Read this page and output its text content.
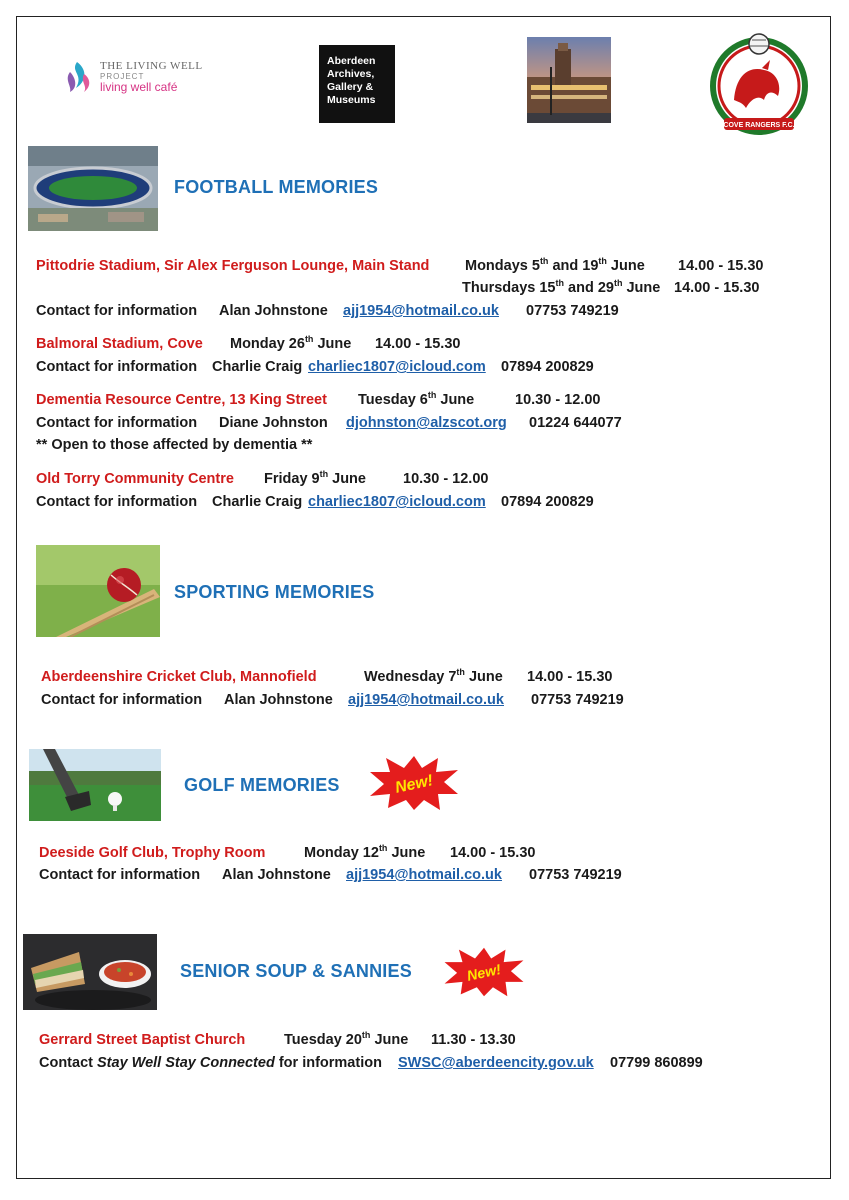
THE LIVING WELL
PROJECT
living well café
Aberdeen
Archives,
Gallery &
Museums
COVE RANGERS F.C.
FOOTBALL MEMORIES
Pittodrie Stadium, Sir Alex Ferguson Lounge, Main Stand Mondays 5th and 19th June 14.00 - 15.30
Thursdays 15th and 29th June 14.00 - 15.30
Contact for information Alan Johnstone ajj1954@hotmail.co.uk 07753 749219
Balmoral Stadium, Cove Monday 26th June 14.00 - 15.30
Contact for information Charlie Craig charliec1807@icloud.com 07894 200829
Dementia Resource Centre, 13 King Street Tuesday 6th June	10.30 - 12.00
Contact for information Diane Johnston djohnston@alzscot.org 01224 644077
** Open to those affected by dementia **
Old Torry Community Centre Friday 9th June	10.30 - 12.00
Contact for information Charlie Craig charliec1807@icloud.com 07894 200829
SPORTING MEMORIES
Aberdeenshire Cricket Club, Mannofield	Wednesday 7th June 14.00 - 15.30
Contact for information Alan Johnstone ajj1954@hotmail.co.uk 07753 749219
GOLF MEMORIES	New!
Deeside Golf Club, Trophy Room	Monday 12th June 14.00 - 15.30
Contact for information Alan Johnstone ajj1954@hotmail.co.uk 07753 749219
SENIOR SOUP & SANNIES	New!
Gerrard Street Baptist Church	Tuesday 20th June 11.30 - 13.30
Contact Stay Well Stay Connected for information SWSC@aberdeencity.gov.uk 07799 860899
